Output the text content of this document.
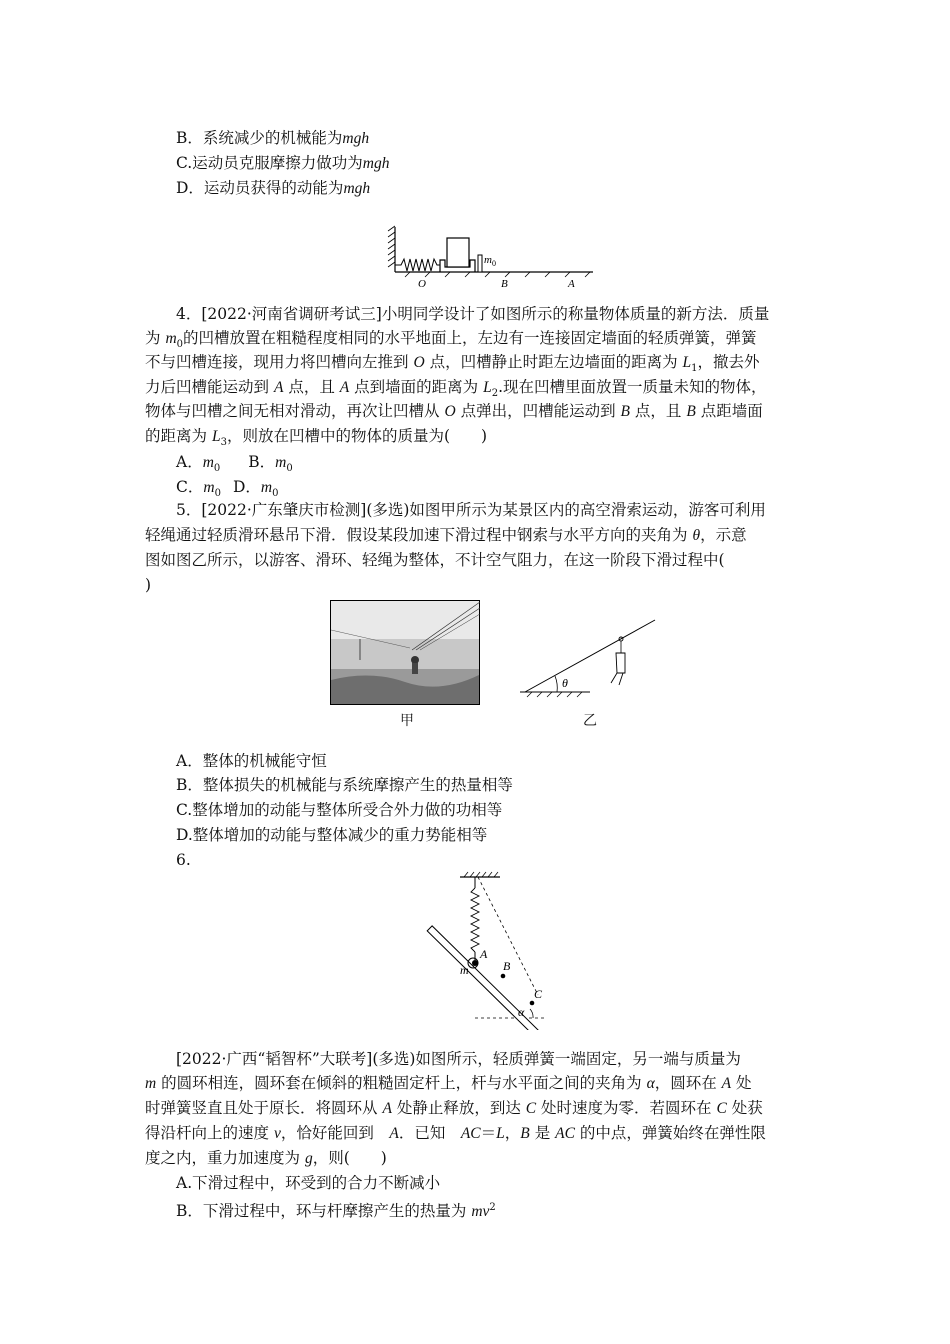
B．系统减少的机械能为mgh
C.运动员克服摩擦力做功为mgh
D．运动员获得的动能为mgh
$m_0$
O	B	A
4．[2022·河南省调研考试三]小明同学设计了如图所示的称量物体质量的新方法．质量
为 $m_0$的凹槽放置在粗糙程度相同的水平地面上，左边有一连接固定墙面的轻质弹簧，弹簧
不与凹槽连接，现用力将凹槽向左推到 O 点，凹槽静止时距左边墙面的距离为 $L_1$，撤去外
力后凹槽能运动到 A 点，且 A 点到墙面的距离为 $L_2$.现在凹槽里面放置一质量未知的物体，
物体与凹槽之间无相对滑动，再次让凹槽从 O 点弹出，凹槽能运动到 B 点，且 B 点距墙面
的距离为 $L_3$，则放在凹槽中的物体的质量为(　　)
A．$m_0$ B．$m_0$
C．$m_0$ D．$m_0$
5．[2022·广东肇庆市检测](多选)如图甲所示为某景区内的高空滑索运动，游客可利用
轻绳通过轻质滑环悬吊下滑．假设某段加速下滑过程中钢索与水平方向的夹角为 θ，示意
图如图乙所示，以游客、滑环、轻绳为整体，不计空气阻力，在这一阶段下滑过程中(
)
甲
θ
乙
A．整体的机械能守恒
B．整体损失的机械能与系统摩擦产生的热量相等
C.整体增加的动能与整体所受合外力做的功相等
D.整体增加的动能与整体减少的重力势能相等
6.
A
m	B
C
α
[2022·广西“韬智杯”大联考](多选)如图所示，轻质弹簧一端固定，另一端与质量为
m 的圆环相连，圆环套在倾斜的粗糙固定杆上，杆与水平面之间的夹角为 α，圆环在 A 处
时弹簧竖直且处于原长．将圆环从 A 处静止释放，到达 C 处时速度为零．若圆环在 C 处获
得沿杆向上的速度 v，恰好能回到　A．已知　AC＝L，B 是 AC 的中点，弹簧始终在弹性限
度之内，重力加速度为 g，则(　　)
A.下滑过程中，环受到的合力不断减小
B．下滑过程中，环与杆摩擦产生的热量为 $mv^2$
